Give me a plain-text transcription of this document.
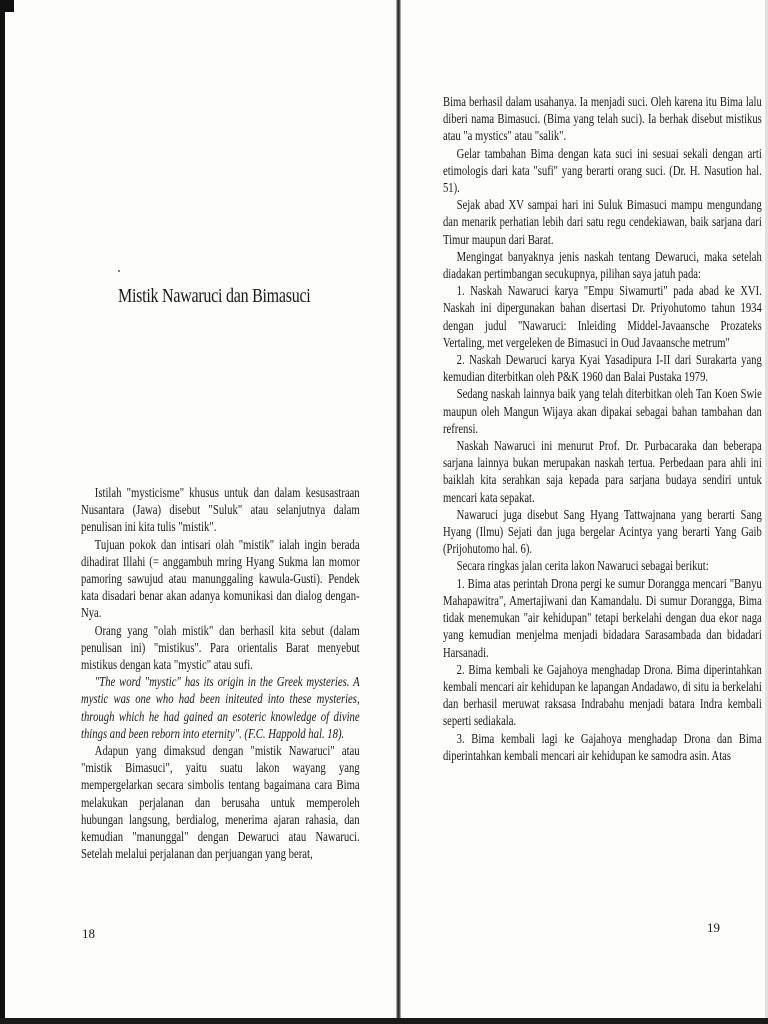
Mistik Nawaruci dan Bimasuci

Istilah "mysticisme" khusus untuk dan dalam kesusastraan Nusantara (Jawa) disebut "Suluk" atau selanjutnya dalam penulisan ini kita tulis "mistik".

Tujuan pokok dan intisari olah "mistik" ialah ingin berada dihadirat Illahi (= anggambuh mring Hyang Sukma lan momor pamoring sawujud atau manunggaling kawula-Gusti). Pendek kata disadari benar akan adanya komunikasi dan dialog dengan-Nya.

Orang yang "olah mistik" dan berhasil kita sebut (dalam penulisan ini) "mistikus". Para orientalis Barat menyebut mistikus dengan kata "mystic" atau sufi.

"The word "mystic" has its origin in the Greek mysteries. A mystic was one who had been initeuted into these mysteries, through which he had gained an esoteric knowledge of divine things and been reborn into eternity". (F.C. Happold hal. 18).

Adapun yang dimaksud dengan "mistik Nawaruci" atau "mistik Bimasuci", yaitu suatu lakon wayang yang mempergelarkan secara simbolis tentang bagaimana cara Bima melakukan perjalanan dan berusaha untuk memperoleh hubungan langsung, berdialog, menerima ajaran rahasia, dan kemudian "manunggal" dengan Dewaruci atau Nawaruci. Setelah melalui perjalanan dan perjuangan yang berat,

18

Bima berhasil dalam usahanya. Ia menjadi suci. Oleh karena itu Bima lalu diberi nama Bimasuci. (Bima yang telah suci). Ia berhak disebut mistikus atau "a mystics" atau "salik".

Gelar tambahan Bima dengan kata suci ini sesuai sekali dengan arti etimologis dari kata "sufi" yang berarti orang suci. (Dr. H. Nasution hal. 51).

Sejak abad XV sampai hari ini Suluk Bimasuci mampu mengundang dan menarik perhatian lebih dari satu regu cendekiawan, baik sarjana dari Timur maupun dari Barat.

Mengingat banyaknya jenis naskah tentang Dewaruci, maka setelah diadakan pertimbangan secukupnya, pilihan saya jatuh pada:

1. Naskah Nawaruci karya "Empu Siwamurti" pada abad ke XVI. Naskah ini dipergunakan bahan disertasi Dr. Priyohutomo tahun 1934 dengan judul "Nawaruci: Inleiding Middel-Javaansche Prozateks Vertaling, met vergeleken de Bimasuci in Oud Javaansche metrum"

2. Naskah Dewaruci karya Kyai Yasadipura I-II dari Surakarta yang kemudian diterbitkan oleh P&K 1960 dan Balai Pustaka 1979.

Sedang naskah lainnya baik yang telah diterbitkan oleh Tan Koen Swie maupun oleh Mangun Wijaya akan dipakai sebagai bahan tambahan dan refrensi.

Naskah Nawaruci ini menurut Prof. Dr. Purbacaraka dan beberapa sarjana lainnya bukan merupakan naskah tertua. Perbedaan para ahli ini baiklah kita serahkan saja kepada para sarjana budaya sendiri untuk mencari kata sepakat.

Nawaruci juga disebut Sang Hyang Tattwajnana yang berarti Sang Hyang (Ilmu) Sejati dan juga bergelar Acintya yang berarti Yang Gaib (Prijohutomo hal. 6).

Secara ringkas jalan cerita lakon Nawaruci sebagai berikut:

1. Bima atas perintah Drona pergi ke sumur Dorangga mencari "Banyu Mahapawitra", Amertajiwani dan Kamandalu. Di sumur Dorangga, Bima tidak menemukan "air kehidupan" tetapi berkelahi dengan dua ekor naga yang kemudian menjelma menjadi bidadara Sarasambada dan bidadari Harsanadi.

2. Bima kembali ke Gajahoya menghadap Drona. Bima diperintahkan kembali mencari air kehidupan ke lapangan Andadawo, di situ ia berkelahi dan berhasil meruwat raksasa Indrabahu menjadi batara Indra kembali seperti sediakala.

3. Bima kembali lagi ke Gajahoya menghadap Drona dan Bima diperintahkan kembali mencari air kehidupan ke samodra asin. Atas

19
